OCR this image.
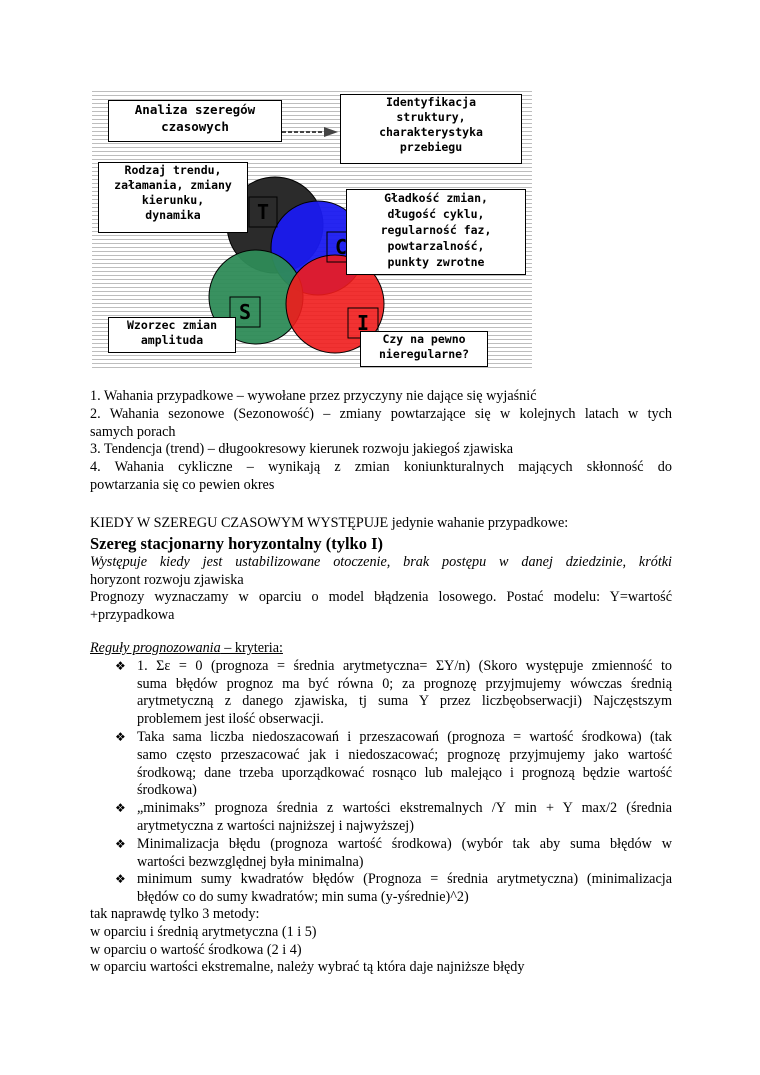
Analiza szeregów
czasowych
Identyfikacja
struktury,
charakterystyka
przebiegu
Rodzaj trendu,
załamania, zmiany
kierunku,
dynamika
Gładkość zmian,
długość cyklu,
regularność faz,
powtarzalność,
punkty zwrotne
Wzorzec zmian
amplituda	Czy na pewno
nieregularne?
T
C
S	I
1. Wahania przypadkowe – wywołane przez przyczyny nie dające się wyjaśnić
2. Wahania sezonowe (Sezonowość) – zmiany powtarzające się w kolejnych latach w tych
samych porach
3. Tendencja (trend) – długookresowy kierunek rozwoju jakiegoś zjawiska
4. Wahania cykliczne – wynikają z zmian koniunkturalnych mających skłonność do
powtarzania się co pewien okres
KIEDY W SZEREGU CZASOWYM WYSTĘPUJE jedynie wahanie przypadkowe:
Szereg stacjonarny horyzontalny (tylko I)
Występuje kiedy jest ustabilizowane otoczenie, brak postępu w danej dziedzinie, krótki
horyzont rozwoju zjawiska
Prognozy wyznaczamy w oparciu o model błądzenia losowego. Postać modelu: Y=wartość
+przypadkowa
Reguły prognozowania – kryteria:
❖ 1. Σε = 0 (prognoza = średnia arytmetyczna= ΣY/n) (Skoro występuje zmienność to
suma błędów prognoz ma być równa 0; za prognozę przyjmujemy wówczas średnią
arytmetyczną z danego zjawiska, tj suma Y przez liczbęobserwacji) Najczęstszym
problemem jest ilość obserwacji.
❖ Taka sama liczba niedoszacowań i przeszacowań (prognoza = wartość środkowa) (tak
samo często przeszacować jak i niedoszacować; prognozę przyjmujemy jako wartość
środkową; dane trzeba uporządkować rosnąco lub malejąco i prognozą będzie wartość
środkowa)
❖ „minimaks” prognoza średnia z wartości ekstremalnych /Y min + Y max/2 (średnia
arytmetyczna z wartości najniższej i najwyższej)
❖ Minimalizacja błędu (prognoza wartość środkowa) (wybór tak aby suma błędów w
wartości bezwzględnej była minimalna)
❖ minimum sumy kwadratów błędów (Prognoza = średnia arytmetyczna) (minimalizacja
błędów co do sumy kwadratów; min suma (y-yśrednie)^2)
tak naprawdę tylko 3 metody:
w oparciu i średnią arytmetyczna (1 i 5)
w oparciu o wartość środkowa (2 i 4)
w oparciu wartości ekstremalne, należy wybrać tą która daje najniższe błędy
